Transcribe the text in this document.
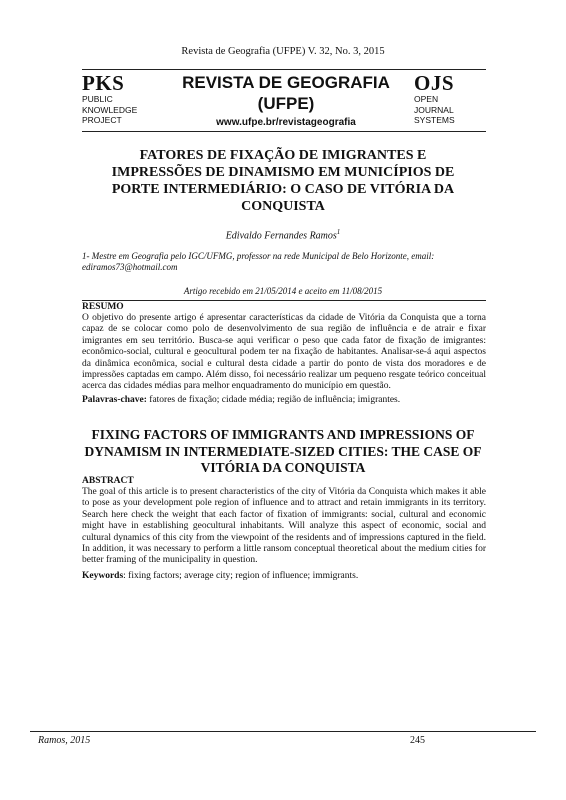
Revista de Geografia (UFPE) V. 32, No. 3, 2015
PKS
PUBLIC
KNOWLEDGE
PROJECT
REVISTA DE GEOGRAFIA
(UFPE)
www.ufpe.br/revistageografia
OJS
OPEN
JOURNAL
SYSTEMS
FATORES DE FIXAÇÃO DE IMIGRANTES E
IMPRESSÕES DE DINAMISMO EM MUNICÍPIOS DE
PORTE INTERMEDIÁRIO: O CASO DE VITÓRIA DA
CONQUISTA
Edivaldo Fernandes Ramos$^1$
1- Mestre em Geografia pelo IGC/UFMG, professor na rede Municipal de Belo Horizonte, email: ediramos73@hotmail.com
Artigo recebido em 21/05/2014 e aceito em 11/08/2015
RESUMO
O objetivo do presente artigo é apresentar características da cidade de Vitória da Conquista que a torna capaz de se colocar como polo de desenvolvimento de sua região de influência e de atrair e fixar imigrantes em seu território. Busca-se aqui verificar o peso que cada fator de fixação de imigrantes: econômico-social, cultural e geocultural podem ter na fixação de habitantes. Analisar-se-á aqui aspectos da dinâmica econômica, social e cultural desta cidade a partir do ponto de vista dos moradores e de impressões captadas em campo. Além disso, foi necessário realizar um pequeno resgate teórico conceitual acerca das cidades médias para melhor enquadramento do município em questão.
Palavras-chave: fatores de fixação; cidade média; região de influência; imigrantes.
FIXING FACTORS OF IMMIGRANTS AND IMPRESSIONS OF
DYNAMISM IN INTERMEDIATE-SIZED CITIES: THE CASE OF
VITÓRIA DA CONQUISTA
ABSTRACT
The goal of this article is to present characteristics of the city of Vitória da Conquista which makes it able to pose as your development pole region of influence and to attract and retain immigrants in its territory. Search here check the weight that each factor of fixation of immigrants: social, cultural and economic might have in establishing geocultural inhabitants. Will analyze this aspect of economic, social and cultural dynamics of this city from the viewpoint of the residents and of impressions captured in the field. In addition, it was necessary to perform a little ransom conceptual theoretical about the medium cities for better framing of the municipality in question.
Keywords: fixing factors; average city; region of influence; immigrants.
Ramos, 2015	245
